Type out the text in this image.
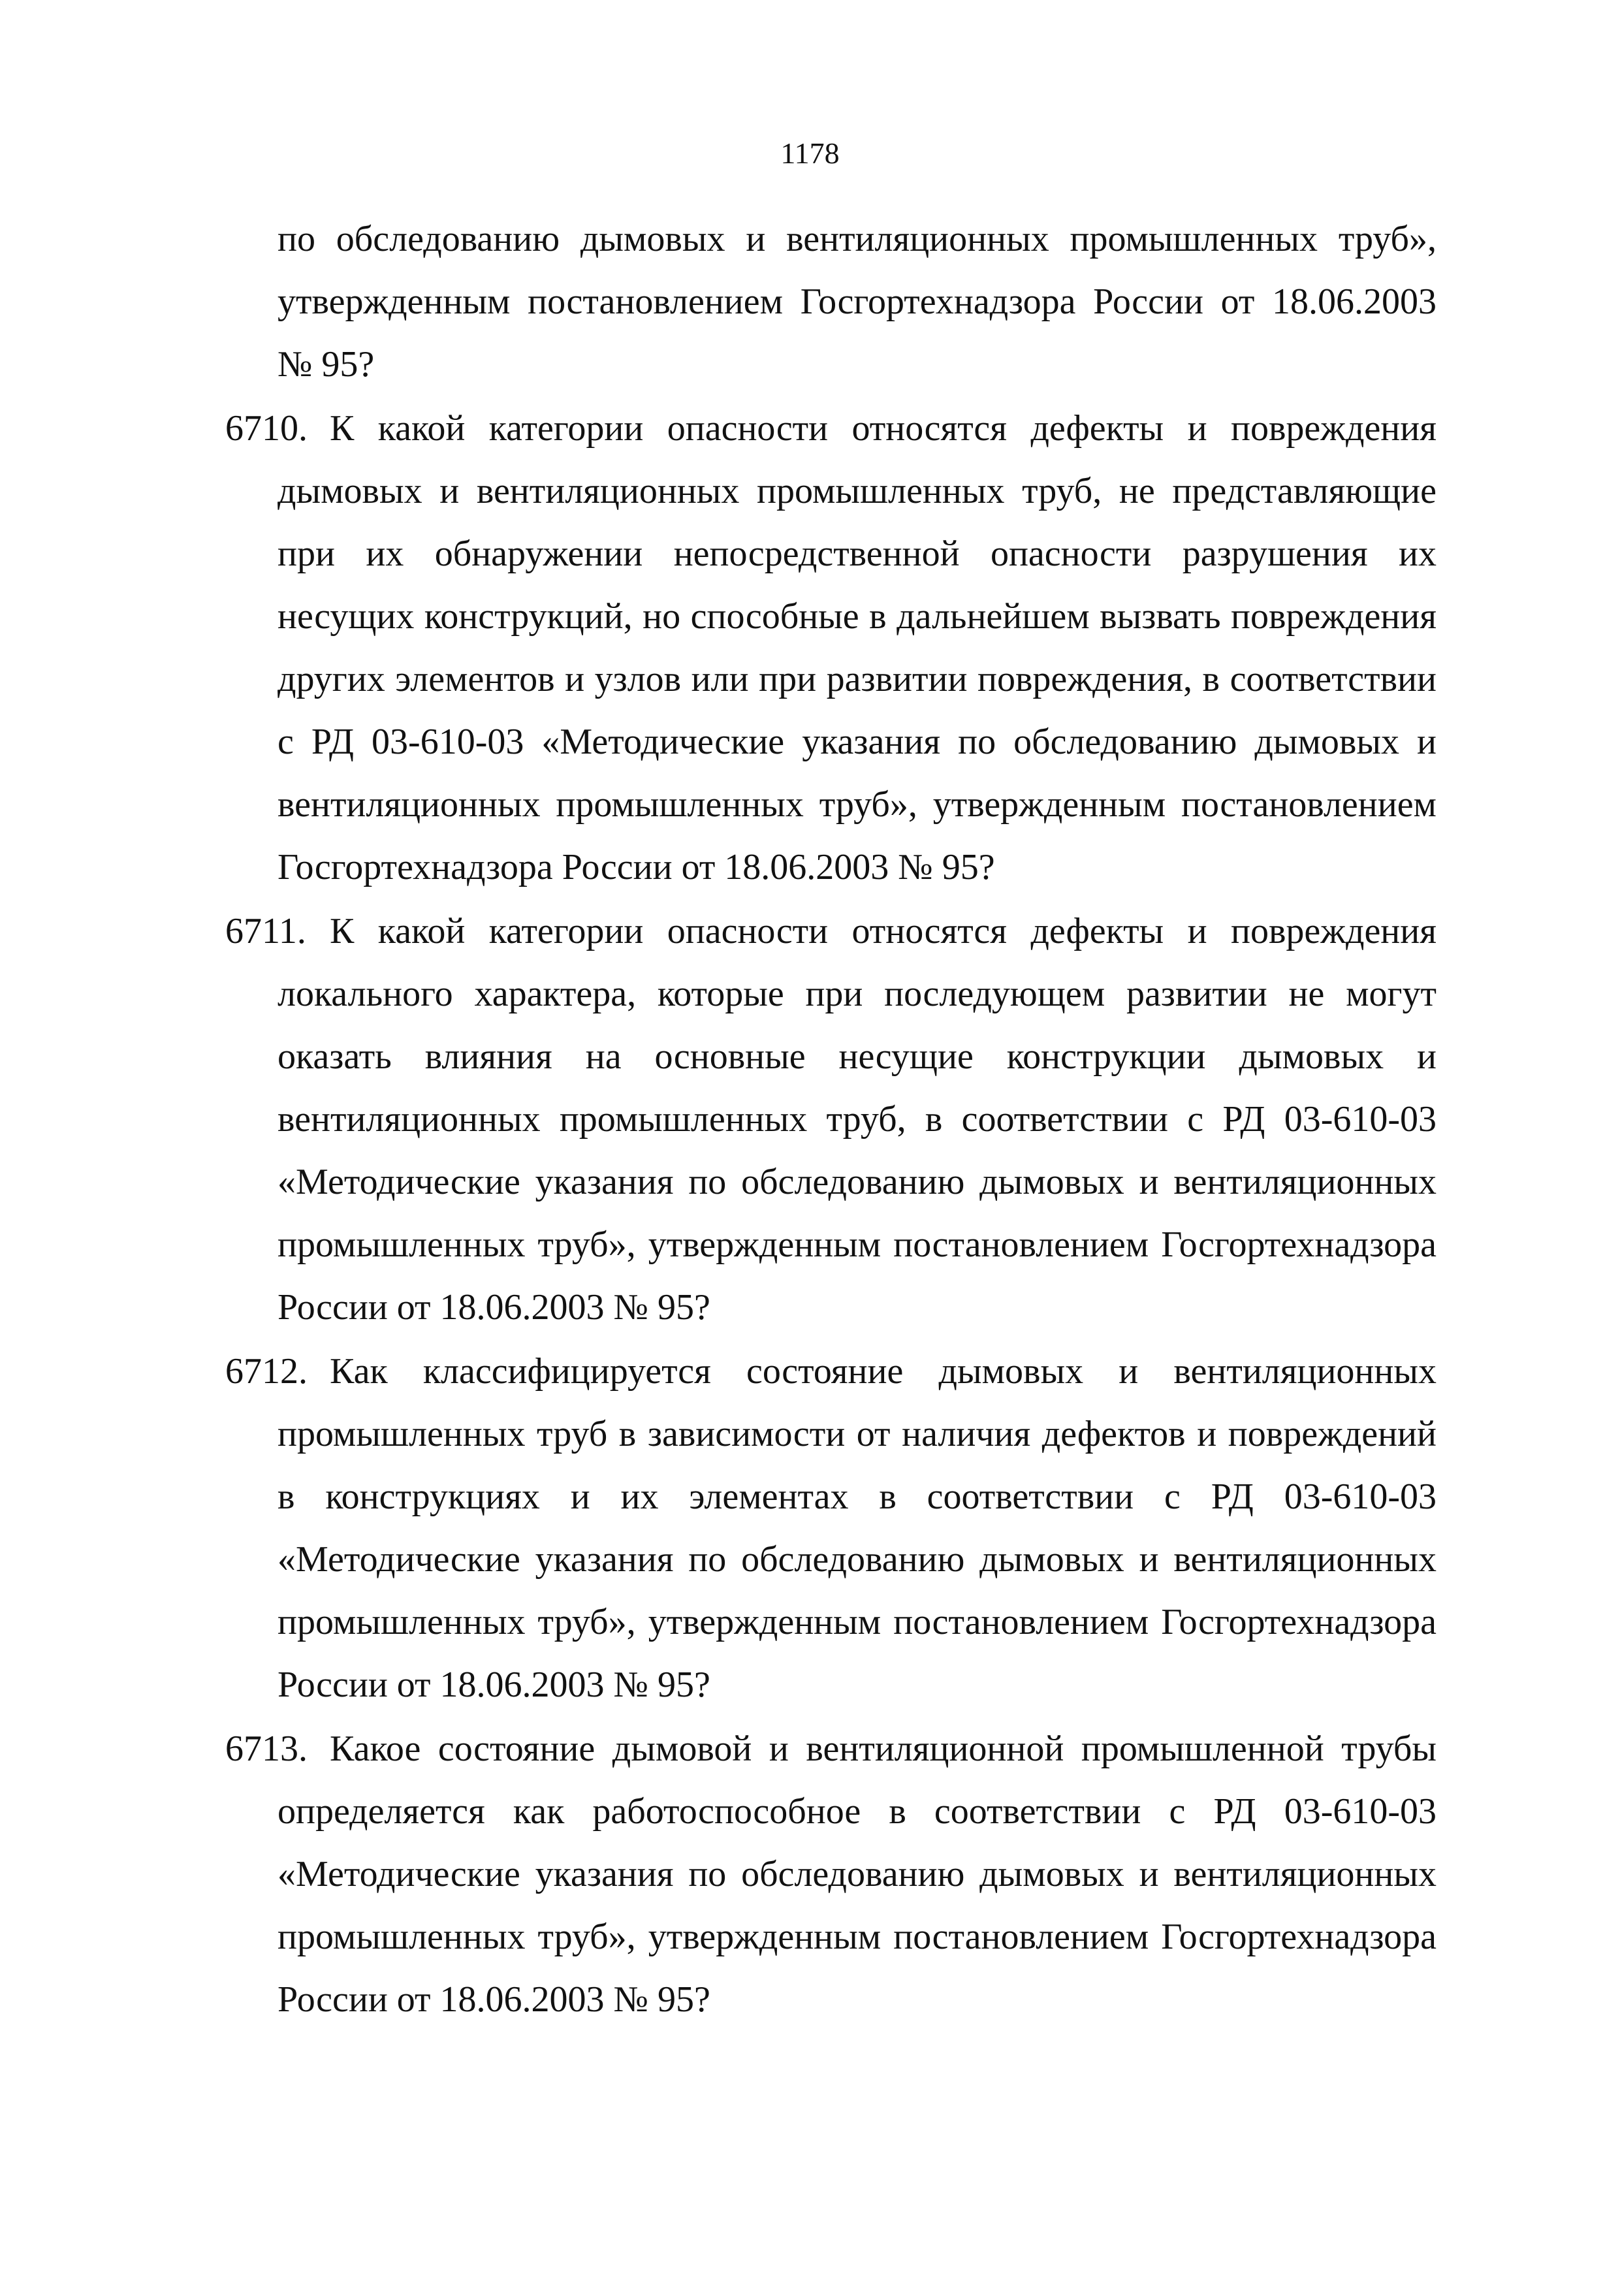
1178
по обследованию дымовых и вентиляционных промышленных труб», утвержденным постановлением Госгортехнадзора России от 18.06.2003 № 95?
6710. К какой категории опасности относятся дефекты и повреждения дымовых и вентиляционных промышленных труб, не представляющие при их обнаружении непосредственной опасности разрушения их несущих конструкций, но способные в дальнейшем вызвать повреждения других элементов и узлов или при развитии повреждения, в соответствии с РД 03-610-03 «Методические указания по обследованию дымовых и вентиляционных промышленных труб», утвержденным постановлением Госгортехнадзора России от 18.06.2003 № 95?
6711. К какой категории опасности относятся дефекты и повреждения локального характера, которые при последующем развитии не могут оказать влияния на основные несущие конструкции дымовых и вентиляционных промышленных труб, в соответствии с РД 03-610-03 «Методические указания по обследованию дымовых и вентиляционных промышленных труб», утвержденным постановлением Госгортехнадзора России от 18.06.2003 № 95?
6712. Как классифицируется состояние дымовых и вентиляционных промышленных труб в зависимости от наличия дефектов и повреждений в конструкциях и их элементах в соответствии с РД 03-610-03 «Методические указания по обследованию дымовых и вентиляционных промышленных труб», утвержденным постановлением Госгортехнадзора России от 18.06.2003 № 95?
6713. Какое состояние дымовой и вентиляционной промышленной трубы определяется как работоспособное в соответствии с РД 03-610-03 «Методические указания по обследованию дымовых и вентиляционных промышленных труб», утвержденным постановлением Госгортехнадзора России от 18.06.2003 № 95?
